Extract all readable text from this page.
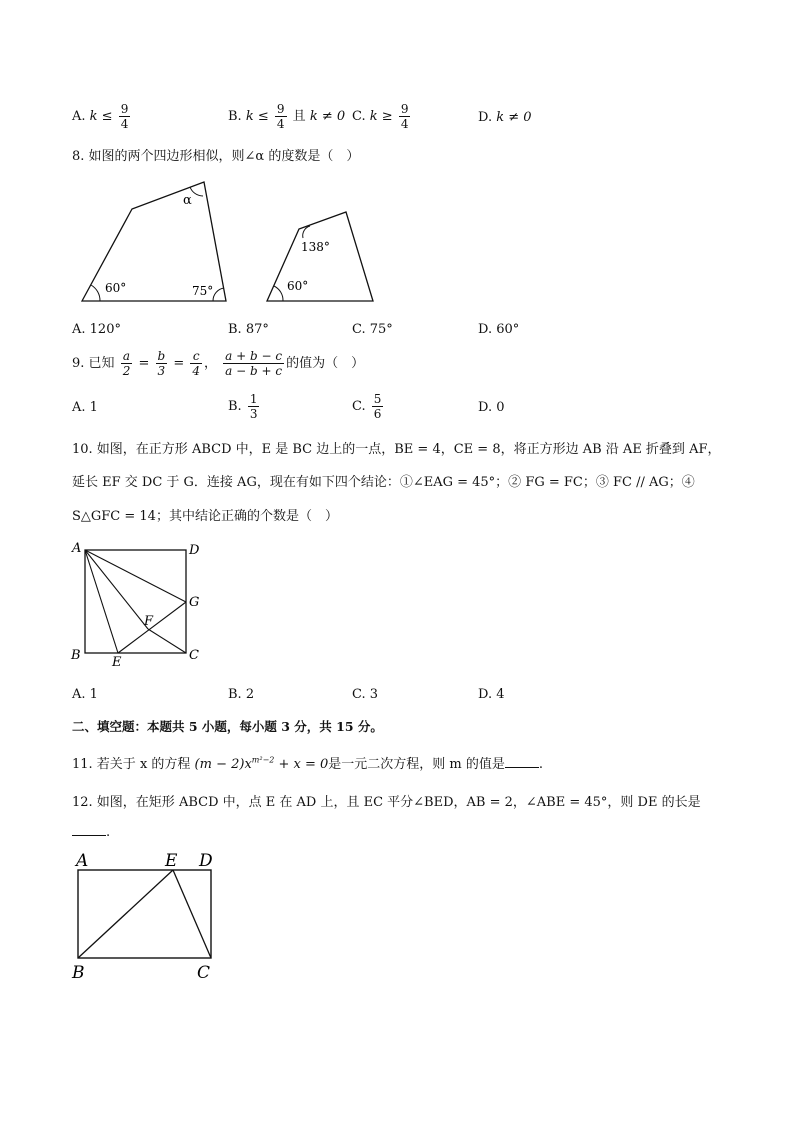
A. $k \le \frac{9}{4}$	B. $k \le \frac{9}{4}$ 且 k ≠ 0 C. $k \ge \frac{9}{4}$	D. k ≠ 0
8. 如图的两个四边形相似，则∠α 的度数是（　）
α
60°	75°
138°
60°
A. 120°	B. 87°	C. 75°	D. 60°
9. 已知 $\frac{a}{2} = \frac{b}{3} = \frac{c}{4}$ ， $\frac{a + b - c}{a - b + c}$ 的值为（　）
A. 1	B. $\frac{1}{3}$	C. $\frac{5}{6}$	D. 0
10. 如图，在正方形 ABCD 中，E 是 BC 边上的一点，BE = 4，CE = 8，将正方形边 AB 沿 AE 折叠到 AF，
延长 EF 交 DC 于 G．连接 AG，现在有如下四个结论：①∠EAG = 45°；② FG = FC；③ FC // AG；④
S△GFC = 14；其中结论正确的个数是（　）
A	D
G
F
B E	C
A. 1	B. 2	C. 3	D. 4
二、填空题：本题共 5 小题，每小题 3 分，共 15 分。
11. 若关于 x 的方程 $(m - 2)x^{m^2-2} + x = 0$是一元二次方程，则 m 的值是	.
12. 如图，在矩形 ABCD 中，点 E 在 AD 上，且 EC 平分∠BED，AB = 2，∠ABE = 45°，则 DE 的长是
.
A	E D
B	C
